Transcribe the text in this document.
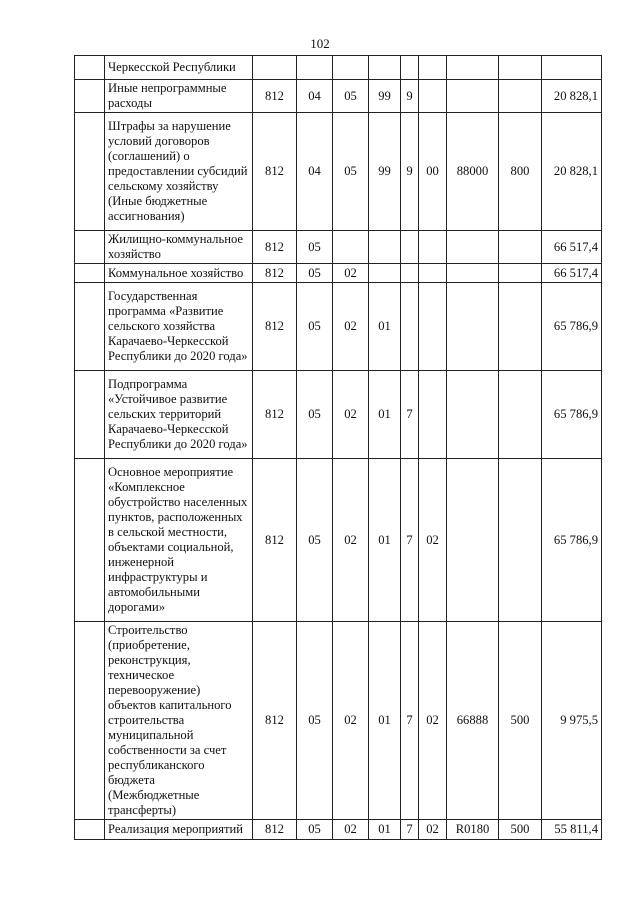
102
	Черкесской Республики									
	Иные непрограммные расходы	812	04	05	99	9				20 828,1
	Штрафы за нарушение условий договоров (соглашений) о предоставлении субсидий сельскому хозяйству (Иные бюджетные ассигнования)	812	04	05	99	9	00	88000	800	20 828,1
	Жилищно-коммунальное хозяйство	812	05							66 517,4
	Коммунальное хозяйство	812	05	02						66 517,4
	Государственная программа «Развитие сельского хозяйства Карачаево-Черкесской Республики до 2020 года»	812	05	02	01					65 786,9
	Подпрограмма «Устойчивое развитие сельских территорий Карачаево-Черкесской Республики до 2020 года»	812	05	02	01	7				65 786,9
	Основное мероприятие «Комплексное обустройство населенных пунктов, расположенных в сельской местности, объектами социальной, инженерной инфраструктуры и автомобильными дорогами»	812	05	02	01	7	02			65 786,9
	Строительство (приобретение, реконструкция, техническое перевооружение) объектов капитального строительства муниципальной собственности за счет республиканского бюджета (Межбюджетные трансферты)	812	05	02	01	7	02	66888	500	9 975,5
	Реализация мероприятий	812	05	02	01	7	02	R0180	500	55 811,4
